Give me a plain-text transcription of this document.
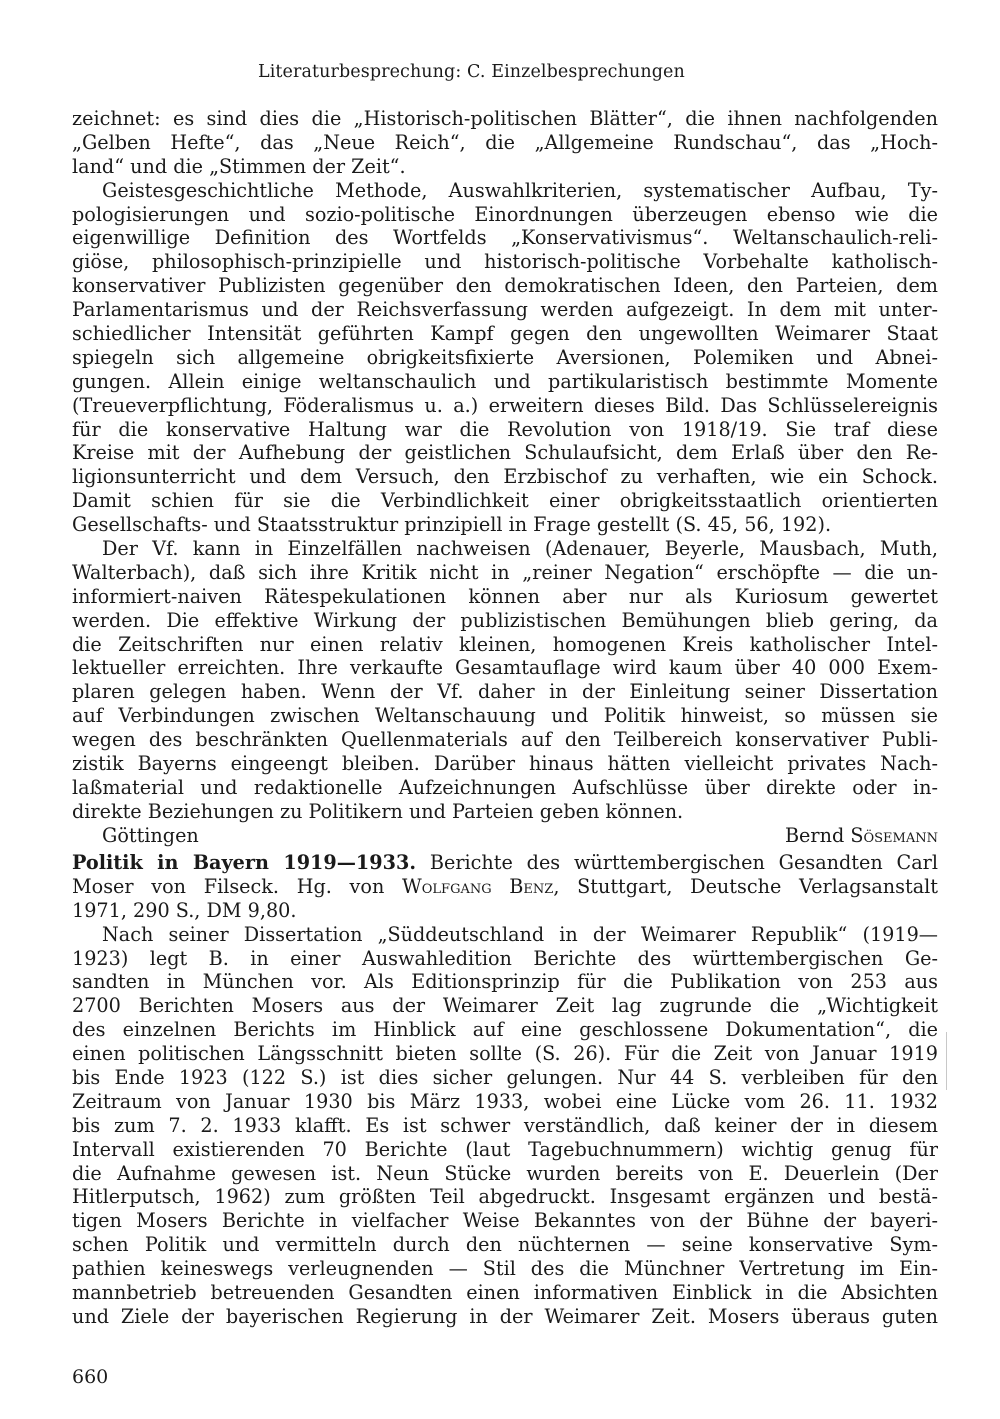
Literaturbesprechung: C. Einzelbesprechungen
zeichnet: es sind dies die „Historisch-politischen Blätter“, die ihnen nachfolgenden
„Gelben Hefte“, das „Neue Reich“, die „Allgemeine Rundschau“, das „Hoch-
land“ und die „Stimmen der Zeit“.
Geistesgeschichtliche Methode, Auswahlkriterien, systematischer Aufbau, Ty-
pologisierungen und sozio-politische Einordnungen überzeugen ebenso wie die
eigenwillige Definition des Wortfelds „Konservativismus“. Weltanschaulich-reli-
giöse, philosophisch-prinzipielle und historisch-politische Vorbehalte katholisch-
konservativer Publizisten gegenüber den demokratischen Ideen, den Parteien, dem
Parlamentarismus und der Reichsverfassung werden aufgezeigt. In dem mit unter-
schiedlicher Intensität geführten Kampf gegen den ungewollten Weimarer Staat
spiegeln sich allgemeine obrigkeitsfixierte Aversionen, Polemiken und Abnei-
gungen. Allein einige weltanschaulich und partikularistisch bestimmte Momente
(Treueverpflichtung, Föderalismus u. a.) erweitern dieses Bild. Das Schlüsselereignis
für die konservative Haltung war die Revolution von 1918/19. Sie traf diese
Kreise mit der Aufhebung der geistlichen Schulaufsicht, dem Erlaß über den Re-
ligionsunterricht und dem Versuch, den Erzbischof zu verhaften, wie ein Schock.
Damit schien für sie die Verbindlichkeit einer obrigkeitsstaatlich orientierten
Gesellschafts- und Staatsstruktur prinzipiell in Frage gestellt (S. 45, 56, 192).
Der Vf. kann in Einzelfällen nachweisen (Adenauer, Beyerle, Mausbach, Muth,
Walterbach), daß sich ihre Kritik nicht in „reiner Negation“ erschöpfte — die un-
informiert-naiven Rätespekulationen können aber nur als Kuriosum gewertet
werden. Die effektive Wirkung der publizistischen Bemühungen blieb gering, da
die Zeitschriften nur einen relativ kleinen, homogenen Kreis katholischer Intel-
lektueller erreichten. Ihre verkaufte Gesamtauflage wird kaum über 40 000 Exem-
plaren gelegen haben. Wenn der Vf. daher in der Einleitung seiner Dissertation
auf Verbindungen zwischen Weltanschauung und Politik hinweist, so müssen sie
wegen des beschränkten Quellenmaterials auf den Teilbereich konservativer Publi-
zistik Bayerns eingeengt bleiben. Darüber hinaus hätten vielleicht privates Nach-
laßmaterial und redaktionelle Aufzeichnungen Aufschlüsse über direkte oder in-
direkte Beziehungen zu Politikern und Parteien geben können.
Göttingen	Bernd Sösemann
Politik in Bayern 1919—1933. Berichte des württembergischen Gesandten Carl
Moser von Filseck. Hg. von Wolfgang Benz, Stuttgart, Deutsche Verlagsanstalt
1971, 290 S., DM 9,80.
Nach seiner Dissertation „Süddeutschland in der Weimarer Republik“ (1919—
1923) legt B. in einer Auswahledition Berichte des württembergischen Ge-
sandten in München vor. Als Editionsprinzip für die Publikation von 253 aus
2700 Berichten Mosers aus der Weimarer Zeit lag zugrunde die „Wichtigkeit
des einzelnen Berichts im Hinblick auf eine geschlossene Dokumentation“, die
einen politischen Längsschnitt bieten sollte (S. 26). Für die Zeit von Januar 1919
bis Ende 1923 (122 S.) ist dies sicher gelungen. Nur 44 S. verbleiben für den
Zeitraum von Januar 1930 bis März 1933, wobei eine Lücke vom 26. 11. 1932
bis zum 7. 2. 1933 klafft. Es ist schwer verständlich, daß keiner der in diesem
Intervall existierenden 70 Berichte (laut Tagebuchnummern) wichtig genug für
die Aufnahme gewesen ist. Neun Stücke wurden bereits von E. Deuerlein (Der
Hitlerputsch, 1962) zum größten Teil abgedruckt. Insgesamt ergänzen und bestä-
tigen Mosers Berichte in vielfacher Weise Bekanntes von der Bühne der bayeri-
schen Politik und vermitteln durch den nüchternen — seine konservative Sym-
pathien keineswegs verleugnenden — Stil des die Münchner Vertretung im Ein-
mannbetrieb betreuenden Gesandten einen informativen Einblick in die Absichten
und Ziele der bayerischen Regierung in der Weimarer Zeit. Mosers überaus guten
660
